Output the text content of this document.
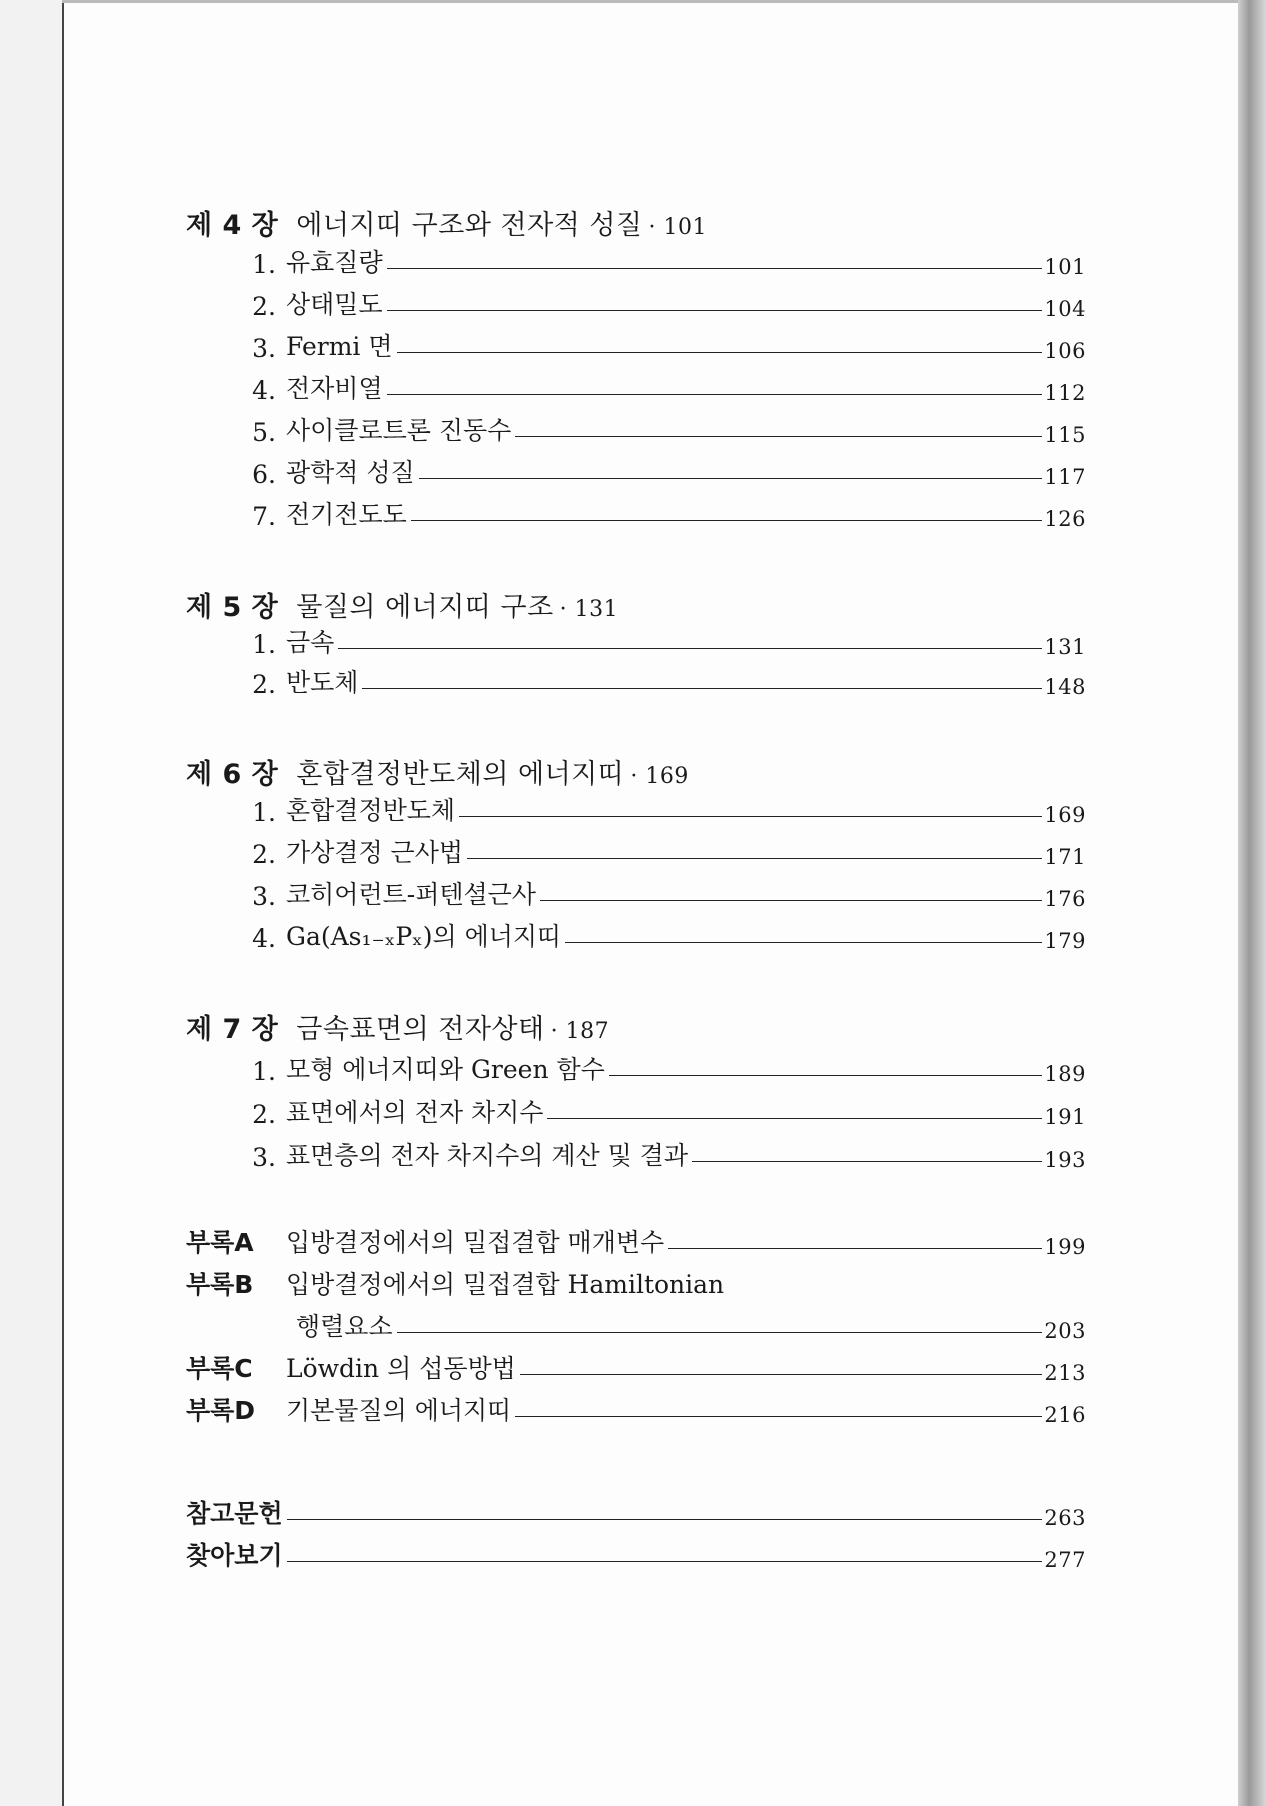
제 4 장 에너지띠 구조와 전자적 성질 · 101
1. 유효질량	101
2. 상태밀도	104
3. Fermi 면	106
4. 전자비열	112
5. 사이클로트론 진동수	115
6. 광학적 성질	117
7. 전기전도도	126
제 5 장 물질의 에너지띠 구조 · 131
1. 금속	131
2. 반도체	148
제 6 장 혼합결정반도체의 에너지띠 · 169
1. 혼합결정반도체	169
2. 가상결정 근사법	171
3. 코히어런트-퍼텐셜근사	176
4. Ga(As₁₋ₓPₓ)의 에너지띠	179
제 7 장 금속표면의 전자상태 · 187
1. 모형 에너지띠와 Green 함수	189
2. 표면에서의 전자 차지수	191
3. 표면층의 전자 차지수의 계산 및 결과	193
부록A	입방결정에서의 밀접결합 매개변수	199
부록B	입방결정에서의 밀접결합 Hamiltonian
행렬요소	203
부록C	Löwdin 의 섭동방법	213
부록D	기본물질의 에너지띠	216
참고문헌	263
찾아보기	277
